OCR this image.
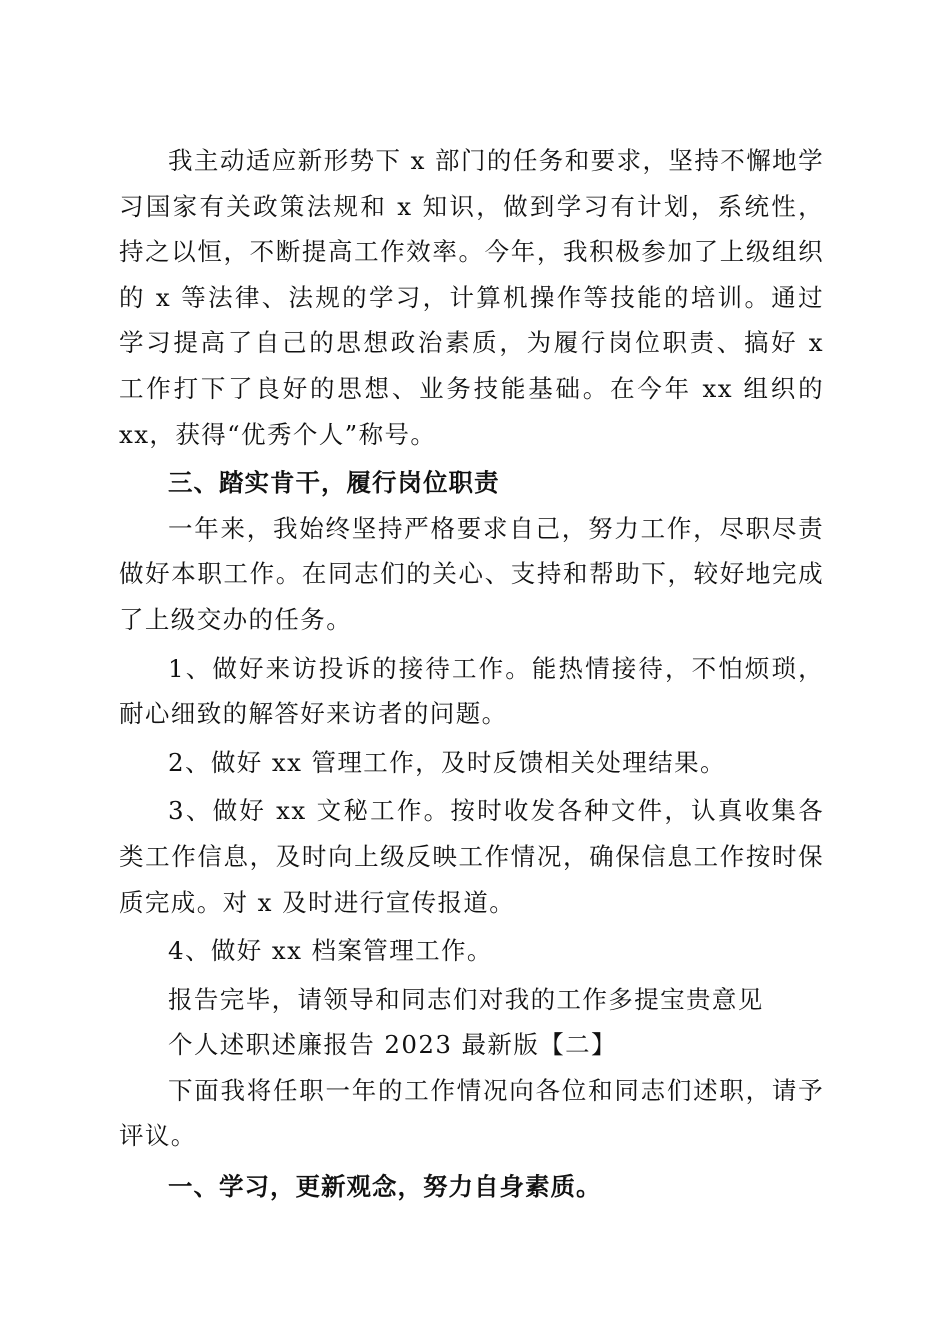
我主动适应新形势下 x 部门的任务和要求，坚持不懈地学习国家有关政策法规和 x 知识，做到学习有计划，系统性，持之以恒，不断提高工作效率。今年，我积极参加了上级组织的 x 等法律、法规的学习，计算机操作等技能的培训。通过学习提高了自己的思想政治素质，为履行岗位职责、搞好 x 工作打下了良好的思想、业务技能基础。在今年 xx 组织的 xx，获得“优秀个人”称号。

三、踏实肯干，履行岗位职责

一年来，我始终坚持严格要求自己，努力工作，尽职尽责做好本职工作。在同志们的关心、支持和帮助下，较好地完成了上级交办的任务。

1、做好来访投诉的接待工作。能热情接待，不怕烦琐，耐心细致的解答好来访者的问题。

2、做好 xx 管理工作，及时反馈相关处理结果。

3、做好 xx 文秘工作。按时收发各种文件，认真收集各类工作信息，及时向上级反映工作情况，确保信息工作按时保质完成。对 x 及时进行宣传报道。

4、做好 xx 档案管理工作。

报告完毕，请领导和同志们对我的工作多提宝贵意见

个人述职述廉报告 2023 最新版【二】

下面我将任职一年的工作情况向各位和同志们述职，请予评议。

一、学习，更新观念，努力自身素质。
